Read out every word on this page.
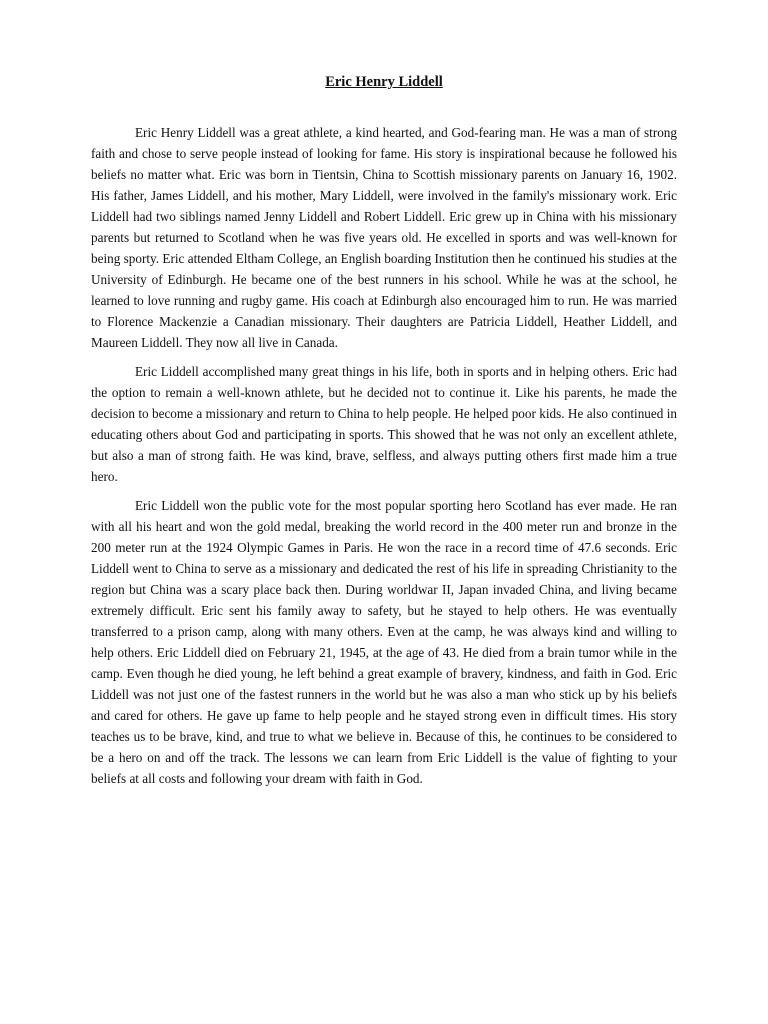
Eric Henry Liddell

Eric Henry Liddell was a great athlete, a kind hearted, and God-fearing man. He was a man of strong faith and chose to serve people instead of looking for fame. His story is inspirational because he followed his beliefs no matter what. Eric was born in Tientsin, China to Scottish missionary parents on January 16, 1902. His father, James Liddell, and his mother, Mary Liddell, were involved in the family's missionary work. Eric Liddell had two siblings named Jenny Liddell and Robert Liddell. Eric grew up in China with his missionary parents but returned to Scotland when he was five years old. He excelled in sports and was well-known for being sporty. Eric attended Eltham College, an English boarding Institution then he continued his studies at the University of Edinburgh. He became one of the best runners in his school. While he was at the school, he learned to love running and rugby game. His coach at Edinburgh also encouraged him to run. He was married to Florence Mackenzie a Canadian missionary. Their daughters are Patricia Liddell, Heather Liddell, and Maureen Liddell. They now all live in Canada.

Eric Liddell accomplished many great things in his life, both in sports and in helping others. Eric had the option to remain a well-known athlete, but he decided not to continue it. Like his parents, he made the decision to become a missionary and return to China to help people. He helped poor kids. He also continued in educating others about God and participating in sports. This showed that he was not only an excellent athlete, but also a man of strong faith. He was kind, brave, selfless, and always putting others first made him a true hero.

Eric Liddell won the public vote for the most popular sporting hero Scotland has ever made. He ran with all his heart and won the gold medal, breaking the world record in the 400 meter run and bronze in the 200 meter run at the 1924 Olympic Games in Paris. He won the race in a record time of 47.6 seconds. Eric Liddell went to China to serve as a missionary and dedicated the rest of his life in spreading Christianity to the region but China was a scary place back then. During worldwar II, Japan invaded China, and living became extremely difficult. Eric sent his family away to safety, but he stayed to help others. He was eventually transferred to a prison camp, along with many others. Even at the camp, he was always kind and willing to help others. Eric Liddell died on February 21, 1945, at the age of 43. He died from a brain tumor while in the camp. Even though he died young, he left behind a great example of bravery, kindness, and faith in God. Eric Liddell was not just one of the fastest runners in the world but he was also a man who stick up by his beliefs and cared for others. He gave up fame to help people and he stayed strong even in difficult times. His story teaches us to be brave, kind, and true to what we believe in. Because of this, he continues to be considered to be a hero on and off the track. The lessons we can learn from Eric Liddell is the value of fighting to your beliefs at all costs and following your dream with faith in God.
